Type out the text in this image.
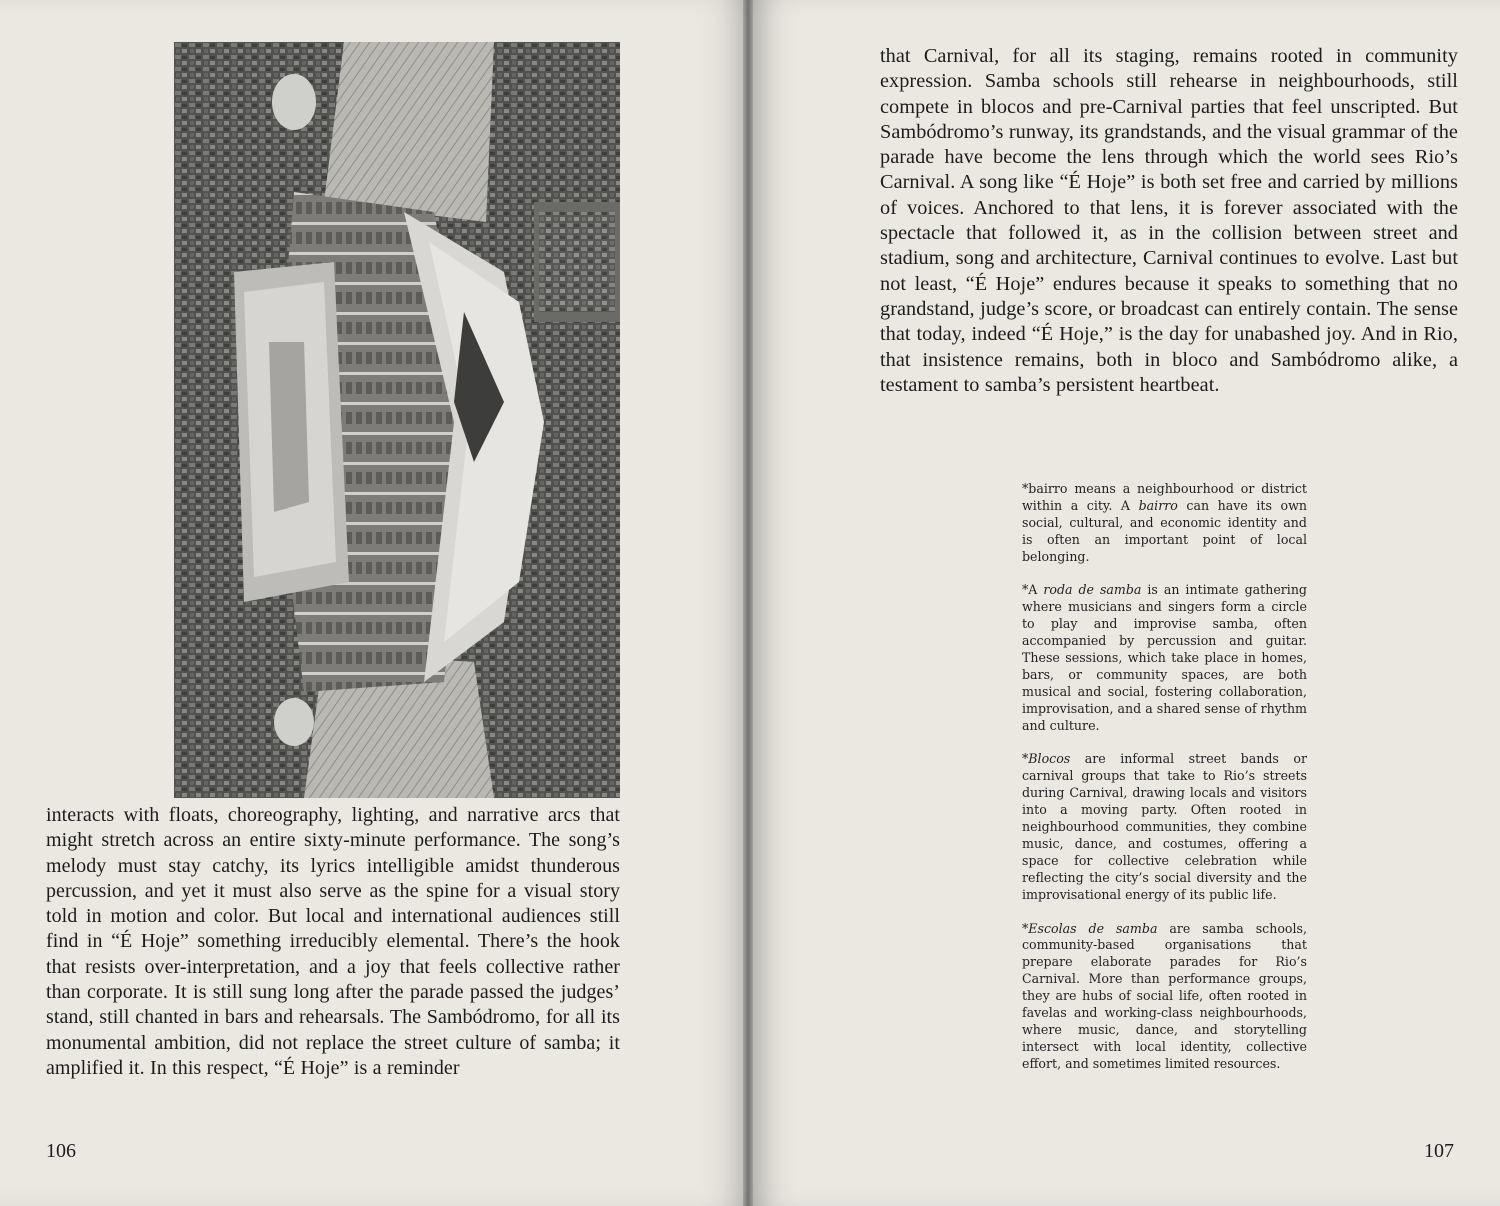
interacts with floats, choreography, lighting, and narrative arcs that might stretch across an entire sixty-minute performance. The song’s melody must stay catchy, its lyrics intelligible amidst thunderous percussion, and yet it must also serve as the spine for a visual story told in motion and color. But local and international audiences still find in “É Hoje” something irreducibly elemental. There’s the hook that resists over-interpretation, and a joy that feels collective rather than corporate. It is still sung long after the parade passed the judges’ stand, still chanted in bars and rehearsals. The Sambódromo, for all its monumental ambition, did not replace the street culture of samba; it amplified it. In this respect, “É Hoje” is a reminder

106

that Carnival, for all its staging, remains rooted in community expression. Samba schools still rehearse in neighbourhoods, still compete in blocos and pre-Carnival parties that feel unscripted. But Sambódromo’s runway, its grandstands, and the visual grammar of the parade have become the lens through which the world sees Rio’s Carnival. A song like “É Hoje” is both set free and carried by millions of voices. Anchored to that lens, it is forever associated with the spectacle that followed it, as in the collision between street and stadium, song and architecture, Carnival continues to evolve. Last but not least, “É Hoje” endures because it speaks to something that no grandstand, judge’s score, or broadcast can entirely contain. The sense that today, indeed “É Hoje,” is the day for unabashed joy. And in Rio, that insistence remains, both in bloco and Sambódromo alike, a testament to samba’s persistent heartbeat.

*bairro means a neighbourhood or district within a city. A bairro can have its own social, cultural, and economic identity and is often an important point of local belonging.

*A roda de samba is an intimate gathering where musicians and singers form a circle to play and improvise samba, often accompanied by percussion and guitar. These sessions, which take place in homes, bars, or community spaces, are both musical and social, fostering collaboration, improvisation, and a shared sense of rhythm and culture.

*Blocos are informal street bands or carnival groups that take to Rio’s streets during Carnival, drawing locals and visitors into a moving party. Often rooted in neighbourhood communities, they combine music, dance, and costumes, offering a space for collective celebration while reflecting the city’s social diversity and the improvisational energy of its public life.

*Escolas de samba are samba schools, community-based organisations that prepare elaborate parades for Rio’s Carnival. More than performance groups, they are hubs of social life, often rooted in favelas and working-class neighbourhoods, where music, dance, and storytelling intersect with local identity, collective effort, and sometimes limited resources.

107
